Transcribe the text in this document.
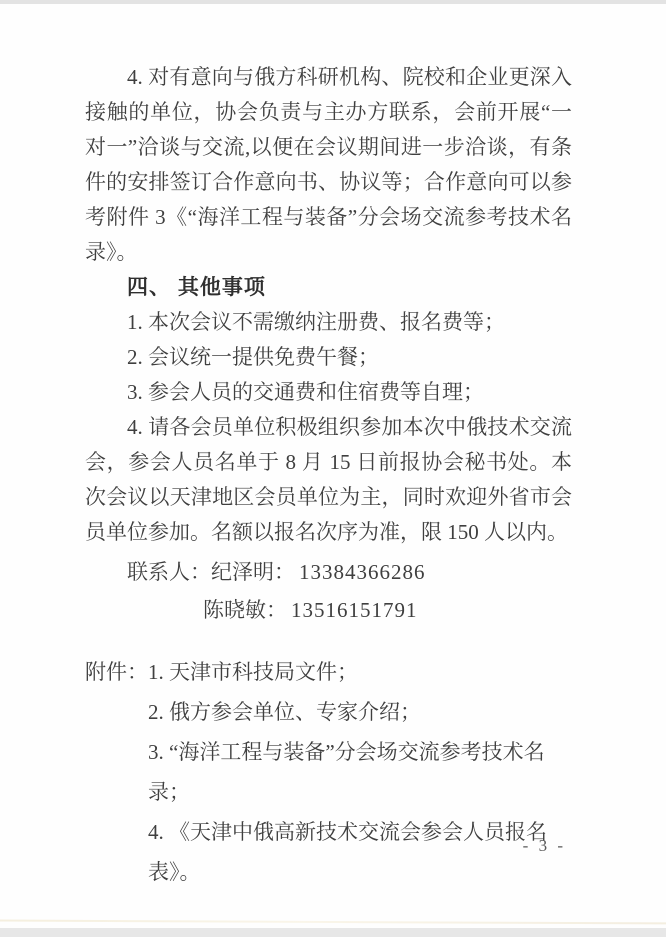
4. 对有意向与俄方科研机构、院校和企业更深入接触的单位，协会负责与主办方联系，会前开展“一对一”洽谈与交流,以便在会议期间进一步洽谈，有条件的安排签订合作意向书、协议等；合作意向可以参考附件 3《“海洋工程与装备”分会场交流参考技术名录》。

四、 其他事项

1. 本次会议不需缴纳注册费、报名费等；

2. 会议统一提供免费午餐；

3. 参会人员的交通费和住宿费等自理；

4. 请各会员单位积极组织参加本次中俄技术交流会，参会人员名单于 8 月 15 日前报协会秘书处。本次会议以天津地区会员单位为主，同时欢迎外省市会员单位参加。名额以报名次序为准，限 150 人以内。

联系人：纪泽明： 13384366286

陈晓敏： 13516151791

附件： 1. 天津市科技局文件；

2. 俄方参会单位、专家介绍；

3. “海洋工程与装备”分会场交流参考技术名录；

4. 《天津中俄高新技术交流会参会人员报名表》。

- 3 -
